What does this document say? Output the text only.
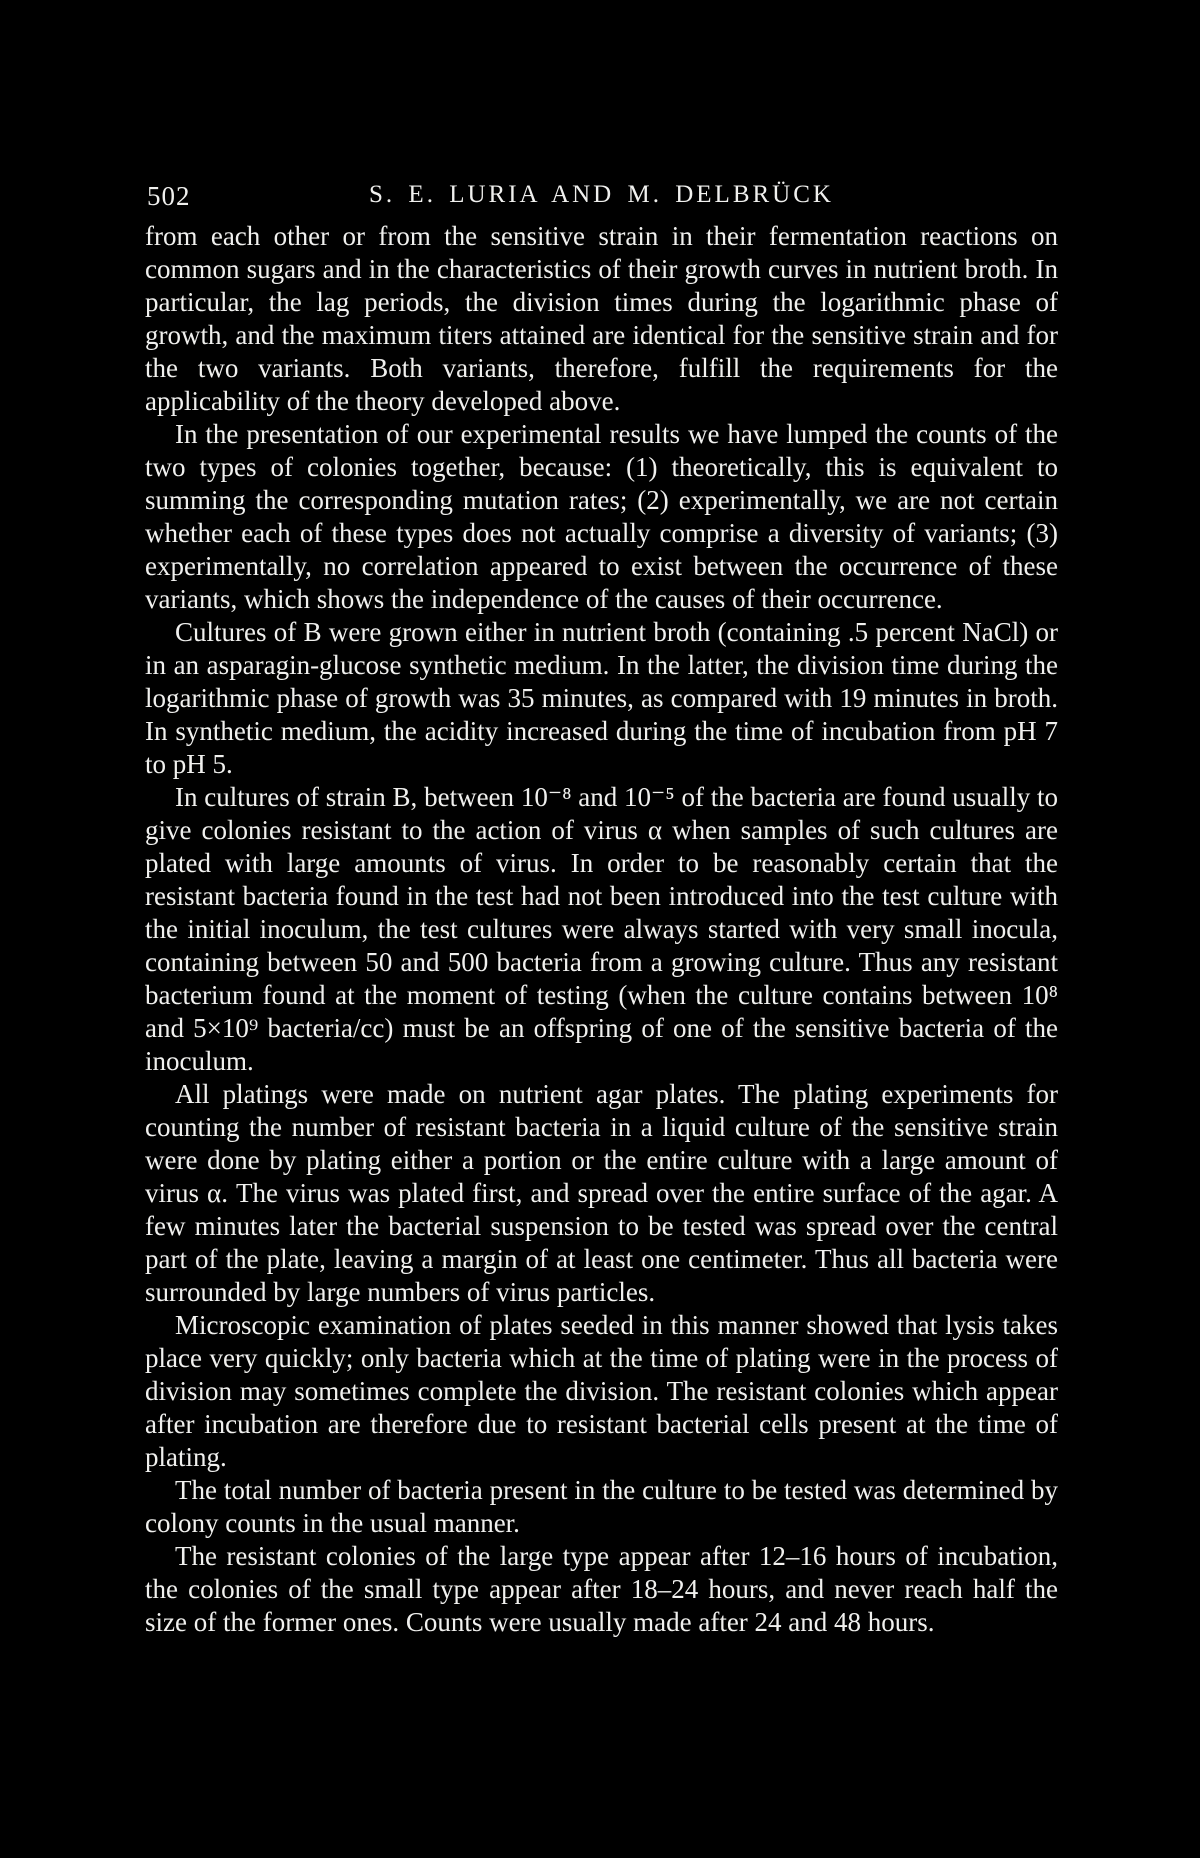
502	S. E. LURIA AND M. DELBRÜCK

from each other or from the sensitive strain in their fermentation reactions on common sugars and in the characteristics of their growth curves in nutrient broth. In particular, the lag periods, the division times during the logarithmic phase of growth, and the maximum titers attained are identical for the sensitive strain and for the two variants. Both variants, therefore, fulfill the requirements for the applicability of the theory developed above.

In the presentation of our experimental results we have lumped the counts of the two types of colonies together, because: (1) theoretically, this is equivalent to summing the corresponding mutation rates; (2) experimentally, we are not certain whether each of these types does not actually comprise a diversity of variants; (3) experimentally, no correlation appeared to exist between the occurrence of these variants, which shows the independence of the causes of their occurrence.

Cultures of B were grown either in nutrient broth (containing .5 percent NaCl) or in an asparagin-glucose synthetic medium. In the latter, the division time during the logarithmic phase of growth was 35 minutes, as compared with 19 minutes in broth. In synthetic medium, the acidity increased during the time of incubation from pH 7 to pH 5.

In cultures of strain B, between 10⁻⁸ and 10⁻⁵ of the bacteria are found usually to give colonies resistant to the action of virus α when samples of such cultures are plated with large amounts of virus. In order to be reasonably certain that the resistant bacteria found in the test had not been introduced into the test culture with the initial inoculum, the test cultures were always started with very small inocula, containing between 50 and 500 bacteria from a growing culture. Thus any resistant bacterium found at the moment of testing (when the culture contains between 10⁸ and 5×10⁹ bacteria/cc) must be an offspring of one of the sensitive bacteria of the inoculum.

All platings were made on nutrient agar plates. The plating experiments for counting the number of resistant bacteria in a liquid culture of the sensitive strain were done by plating either a portion or the entire culture with a large amount of virus α. The virus was plated first, and spread over the entire surface of the agar. A few minutes later the bacterial suspension to be tested was spread over the central part of the plate, leaving a margin of at least one centimeter. Thus all bacteria were surrounded by large numbers of virus particles.

Microscopic examination of plates seeded in this manner showed that lysis takes place very quickly; only bacteria which at the time of plating were in the process of division may sometimes complete the division. The resistant colonies which appear after incubation are therefore due to resistant bacterial cells present at the time of plating.

The total number of bacteria present in the culture to be tested was determined by colony counts in the usual manner.

The resistant colonies of the large type appear after 12–16 hours of incubation, the colonies of the small type appear after 18–24 hours, and never reach half the size of the former ones. Counts were usually made after 24 and 48 hours.
